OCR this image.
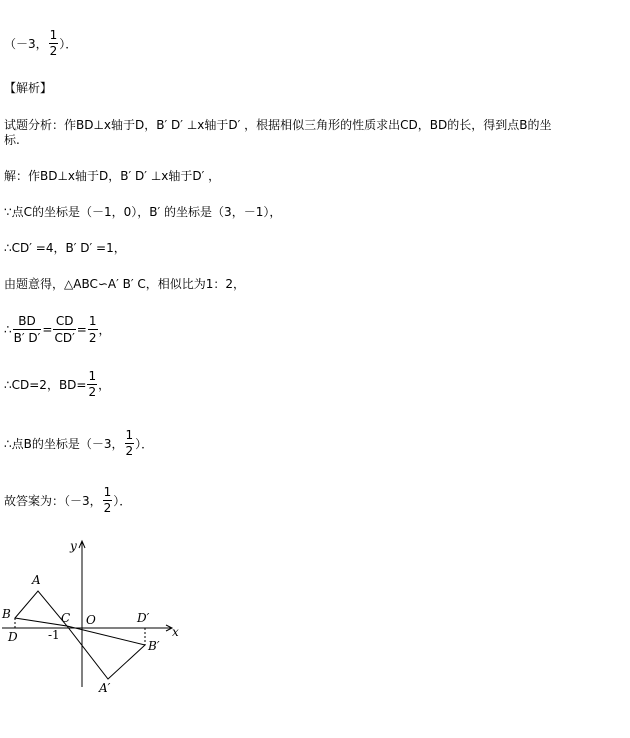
（－3， $\frac{1}{2}$ ）．
【解析】
试题分析：作BD⊥x轴于D，B′ D′ ⊥x轴于D′ ，根据相似三角形的性质求出CD，BD的长，得到点B的坐
标.
解：作BD⊥x轴于D，B′ D′ ⊥x轴于D′ ，
∵点C的坐标是（－1，0），B′ 的坐标是（3，－1），
∴CD′ =4，B′ D′ =1，
由题意得，△ABC∽A′ B′ C，相似比为1：2，
∴ $\frac{BD}{B' D'} = \frac{CD}{CD'} = \frac{1}{2}$ ，
∴CD=2，$BD= \frac{1}{2}$ ，
∴点B的坐标是（－3， $\frac{1}{2}$ ）．
故答案为：（－3， $\frac{1}{2}$ ）．
y
x
A
B	C O
D	-1
D′
B′
A′
